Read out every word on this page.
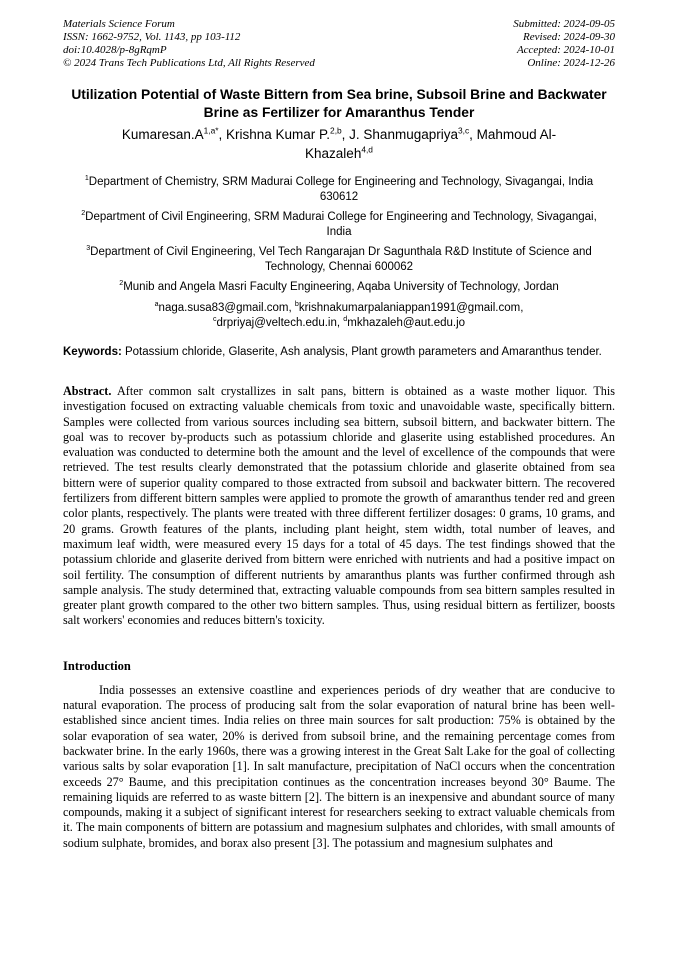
Materials Science Forum
ISSN: 1662-9752, Vol. 1143, pp 103-112
doi:10.4028/p-8gRqmP
© 2024 Trans Tech Publications Ltd, All Rights Reserved
Submitted: 2024-09-05
Revised: 2024-09-30
Accepted: 2024-10-01
Online: 2024-12-26
Utilization Potential of Waste Bittern from Sea brine, Subsoil Brine and Backwater Brine as Fertilizer for Amaranthus Tender
$Kumaresan.A^{1,a*}$, Krishna Kumar P.$^{2,b}$, J. Shanmugapriya$^{3,c}$, Mahmoud Al-Khazaleh$^{4,d}$
$^1$Department of Chemistry, SRM Madurai College for Engineering and Technology, Sivagangai, India 630612
$^2$Department of Civil Engineering, SRM Madurai College for Engineering and Technology, Sivagangai, India
$^3$Department of Civil Engineering, Vel Tech Rangarajan Dr Sagunthala R&D Institute of Science and Technology, Chennai 600062
$^2$Munib and Angela Masri Faculty Engineering, Aqaba University of Technology, Jordan
$^a$naga.susa83@gmail.com, $^b$krishnakumarpalaniappan1991@gmail.com, $^c$drpriyaj@veltech.edu.in, $^d$mkhazaleh@aut.edu.jo

Keywords: Potassium chloride, Glaserite, Ash analysis, Plant growth parameters and Amaranthus tender.

Abstract. After common salt crystallizes in salt pans, bittern is obtained as a waste mother liquor. This investigation focused on extracting valuable chemicals from toxic and unavoidable waste, specifically bittern. Samples were collected from various sources including sea bittern, subsoil bittern, and backwater bittern. The goal was to recover by-products such as potassium chloride and glaserite using established procedures. An evaluation was conducted to determine both the amount and the level of excellence of the compounds that were retrieved. The test results clearly demonstrated that the potassium chloride and glaserite obtained from sea bittern were of superior quality compared to those extracted from subsoil and backwater bittern. The recovered fertilizers from different bittern samples were applied to promote the growth of amaranthus tender red and green color plants, respectively. The plants were treated with three different fertilizer dosages: 0 grams, 10 grams, and 20 grams. Growth features of the plants, including plant height, stem width, total number of leaves, and maximum leaf width, were measured every 15 days for a total of 45 days. The test findings showed that the potassium chloride and glaserite derived from bittern were enriched with nutrients and had a positive impact on soil fertility. The consumption of different nutrients by amaranthus plants was further confirmed through ash sample analysis. The study determined that, extracting valuable compounds from sea bittern samples resulted in greater plant growth compared to the other two bittern samples. Thus, using residual bittern as fertilizer, boosts salt workers' economies and reduces bittern's toxicity.

Introduction

India possesses an extensive coastline and experiences periods of dry weather that are conducive to natural evaporation. The process of producing salt from the solar evaporation of natural brine has been well-established since ancient times. India relies on three main sources for salt production: 75% is obtained by the solar evaporation of sea water, 20% is derived from subsoil brine, and the remaining percentage comes from backwater brine. In the early 1960s, there was a growing interest in the Great Salt Lake for the goal of collecting various salts by solar evaporation [1]. In salt manufacture, precipitation of NaCl occurs when the concentration exceeds 27° Baume, and this precipitation continues as the concentration increases beyond 30° Baume. The remaining liquids are referred to as waste bittern [2]. The bittern is an inexpensive and abundant source of many compounds, making it a subject of significant interest for researchers seeking to extract valuable chemicals from it. The main components of bittern are potassium and magnesium sulphates and chlorides, with small amounts of sodium sulphate, bromides, and borax also present [3]. The potassium and magnesium sulphates and
